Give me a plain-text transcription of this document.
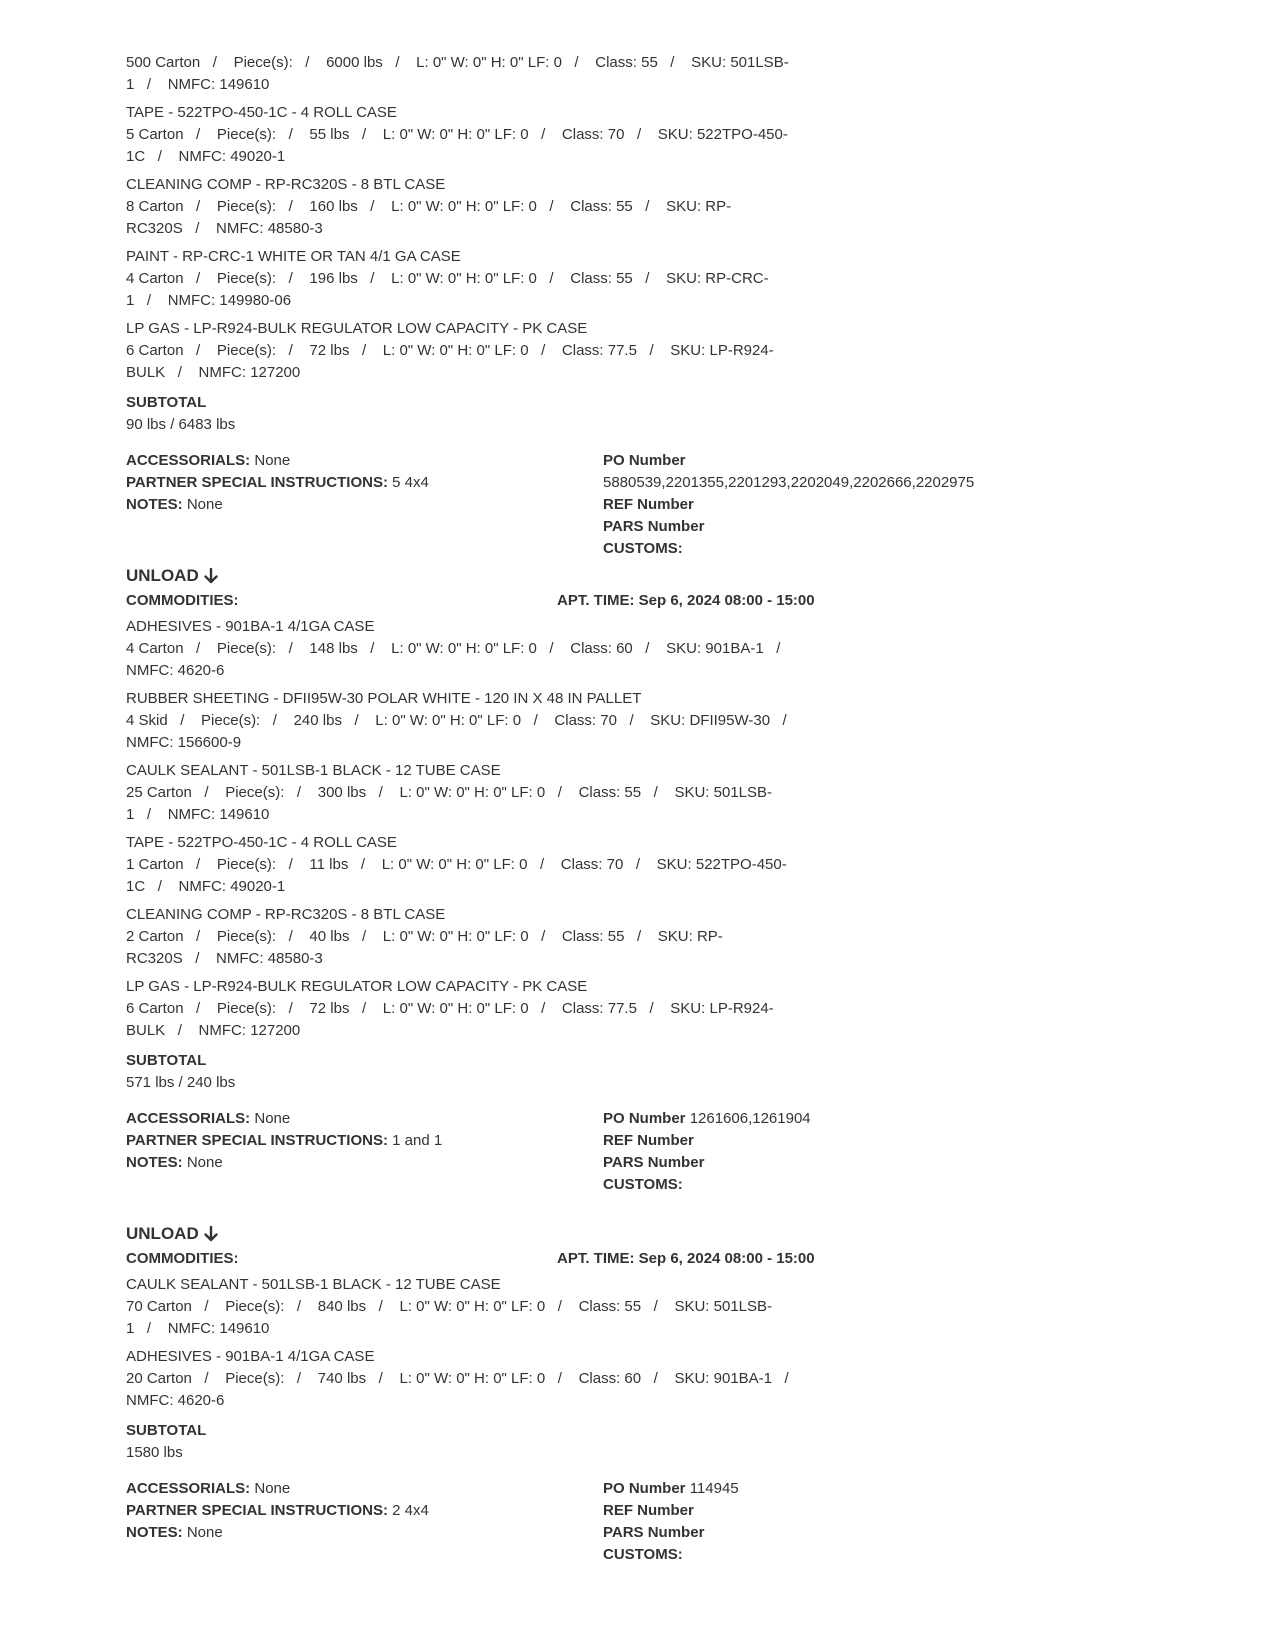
500 Carton   /    Piece(s):   /    6000 lbs   /    L: 0" W: 0" H: 0" LF: 0   /    Class: 55   /    SKU: 501LSB-1   /    NMFC: 149610
TAPE - 522TPO-450-1C - 4 ROLL CASE
5 Carton   /    Piece(s):   /    55 lbs   /    L: 0" W: 0" H: 0" LF: 0   /    Class: 70   /    SKU: 522TPO-450-1C   /    NMFC: 49020-1
CLEANING COMP - RP-RC320S - 8 BTL CASE
8 Carton   /    Piece(s):   /    160 lbs   /    L: 0" W: 0" H: 0" LF: 0   /    Class: 55   /    SKU: RP-RC320S   /    NMFC: 48580-3
PAINT - RP-CRC-1 WHITE OR TAN 4/1 GA CASE
4 Carton   /    Piece(s):   /    196 lbs   /    L: 0" W: 0" H: 0" LF: 0   /    Class: 55   /    SKU: RP-CRC-1   /    NMFC: 149980-06
LP GAS - LP-R924-BULK REGULATOR LOW CAPACITY - PK CASE
6 Carton   /    Piece(s):   /    72 lbs   /    L: 0" W: 0" H: 0" LF: 0   /    Class: 77.5   /    SKU: LP-R924-BULK   /    NMFC: 127200
SUBTOTAL
90 lbs / 6483 lbs
ACCESSORIALS: None
PARTNER SPECIAL INSTRUCTIONS: 5 4x4
NOTES: None
PO Number
5880539,2201355,2201293,2202049,2202666,2202975
REF Number
PARS Number
CUSTOMS:
UNLOAD
COMMODITIES:	APT. TIME: Sep 6, 2024 08:00 - 15:00
ADHESIVES - 901BA-1 4/1GA CASE
4 Carton   /    Piece(s):   /    148 lbs   /    L: 0" W: 0" H: 0" LF: 0   /    Class: 60   /    SKU: 901BA-1   /    NMFC: 4620-6
RUBBER SHEETING - DFII95W-30 POLAR WHITE - 120 IN X 48 IN PALLET
4 Skid   /    Piece(s):   /    240 lbs   /    L: 0" W: 0" H: 0" LF: 0   /    Class: 70   /    SKU: DFII95W-30   /    NMFC: 156600-9
CAULK SEALANT - 501LSB-1 BLACK - 12 TUBE CASE
25 Carton   /    Piece(s):   /    300 lbs   /    L: 0" W: 0" H: 0" LF: 0   /    Class: 55   /    SKU: 501LSB-1   /    NMFC: 149610
TAPE - 522TPO-450-1C - 4 ROLL CASE
1 Carton   /    Piece(s):   /    11 lbs   /    L: 0" W: 0" H: 0" LF: 0   /    Class: 70   /    SKU: 522TPO-450-1C   /    NMFC: 49020-1
CLEANING COMP - RP-RC320S - 8 BTL CASE
2 Carton   /    Piece(s):   /    40 lbs   /    L: 0" W: 0" H: 0" LF: 0   /    Class: 55   /    SKU: RP-RC320S   /    NMFC: 48580-3
LP GAS - LP-R924-BULK REGULATOR LOW CAPACITY - PK CASE
6 Carton   /    Piece(s):   /    72 lbs   /    L: 0" W: 0" H: 0" LF: 0   /    Class: 77.5   /    SKU: LP-R924-BULK   /    NMFC: 127200
SUBTOTAL
571 lbs / 240 lbs
ACCESSORIALS: None
PARTNER SPECIAL INSTRUCTIONS: 1 and 1
NOTES: None
PO Number 1261606,1261904
REF Number
PARS Number
CUSTOMS:
UNLOAD
COMMODITIES:	APT. TIME: Sep 6, 2024 08:00 - 15:00
CAULK SEALANT - 501LSB-1 BLACK - 12 TUBE CASE
70 Carton   /    Piece(s):   /    840 lbs   /    L: 0" W: 0" H: 0" LF: 0   /    Class: 55   /    SKU: 501LSB-1   /    NMFC: 149610
ADHESIVES - 901BA-1 4/1GA CASE
20 Carton   /    Piece(s):   /    740 lbs   /    L: 0" W: 0" H: 0" LF: 0   /    Class: 60   /    SKU: 901BA-1   /    NMFC: 4620-6
SUBTOTAL
1580 lbs
ACCESSORIALS: None
PARTNER SPECIAL INSTRUCTIONS: 2 4x4
NOTES: None
PO Number 114945
REF Number
PARS Number
CUSTOMS:
